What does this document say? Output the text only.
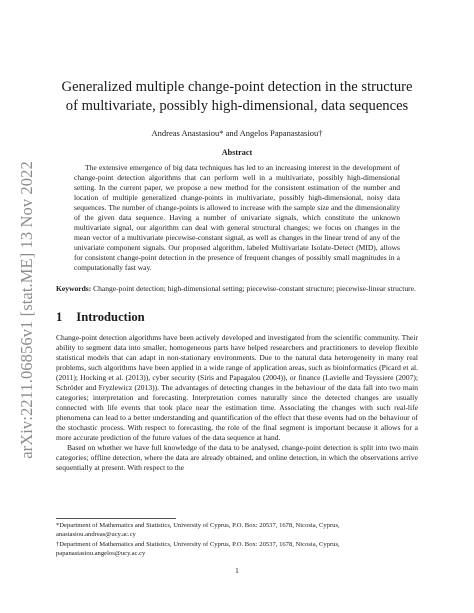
arXiv:2211.06856v1 [stat.ME] 13 Nov 2022
Generalized multiple change-point detection in the structure of multivariate, possibly high-dimensional, data sequences
Andreas Anastasiou* and Angelos Papanastasiou†
Abstract
The extensive emergence of big data techniques has led to an increasing interest in the development of change-point detection algorithms that can perform well in a multivariate, possibly high-dimensional setting. In the current paper, we propose a new method for the consistent estimation of the number and location of multiple generalized change-points in multivariate, possibly high-dimensional, noisy data sequences. The number of change-points is allowed to increase with the sample size and the dimensionality of the given data sequence. Having a number of univariate signals, which constitute the unknown multivariate signal, our algorithm can deal with general structural changes; we focus on changes in the mean vector of a multivariate piecewise-constant signal, as well as changes in the linear trend of any of the univariate component signals. Our proposed algorithm, labeled Multivariate Isolate-Detect (MID), allows for consistent change-point detection in the presence of frequent changes of possibly small magnitudes in a computationally fast way.
Keywords: Change-point detection; high-dimensional setting; piecewise-constant structure; piecewise-linear structure.
1 Introduction

Change-point detection algorithms have been actively developed and investigated from the scientific community. Their ability to segment data into smaller, homogeneous parts have helped researchers and practitioners to develop flexible statistical models that can adapt in non-stationary environments. Due to the natural data heterogeneity in many real problems, such algorithms have been applied in a wide range of application areas, such as bioinformatics (Picard et al. (2011); Hocking et al. (2013)), cyber security (Siris and Papagalou (2004)), or finance (Lavielle and Teyssiere (2007); Schröder and Fryzlewicz (2013)). The advantages of detecting changes in the behaviour of the data fall into two main categories; interpretation and forecasting. Interpretation comes naturally since the detected changes are usually connected with life events that took place near the estimation time. Associating the changes with such real-life phenomena can lead to a better understanding and quantification of the effect that these events had on the behaviour of the stochastic process. With respect to forecasting, the role of the final segment is important because it allows for a more accurate prediction of the future values of the data sequence at hand.

Based on whether we have full knowledge of the data to be analysed, change-point detection is split into two main categories; offline detection, where the data are already obtained, and online detection, in which the observations arrive sequentially at present. With respect to the

*Department of Mathematics and Statistics, University of Cyprus, P.O. Box: 20537, 1678, Nicosia, Cyprus, anastasiou.andreas@ucy.ac.cy

†Department of Mathematics and Statistics, University of Cyprus, P.O. Box: 20537, 1678, Nicosia, Cyprus, papanastasiou.angelos@ucy.ac.cy

1
